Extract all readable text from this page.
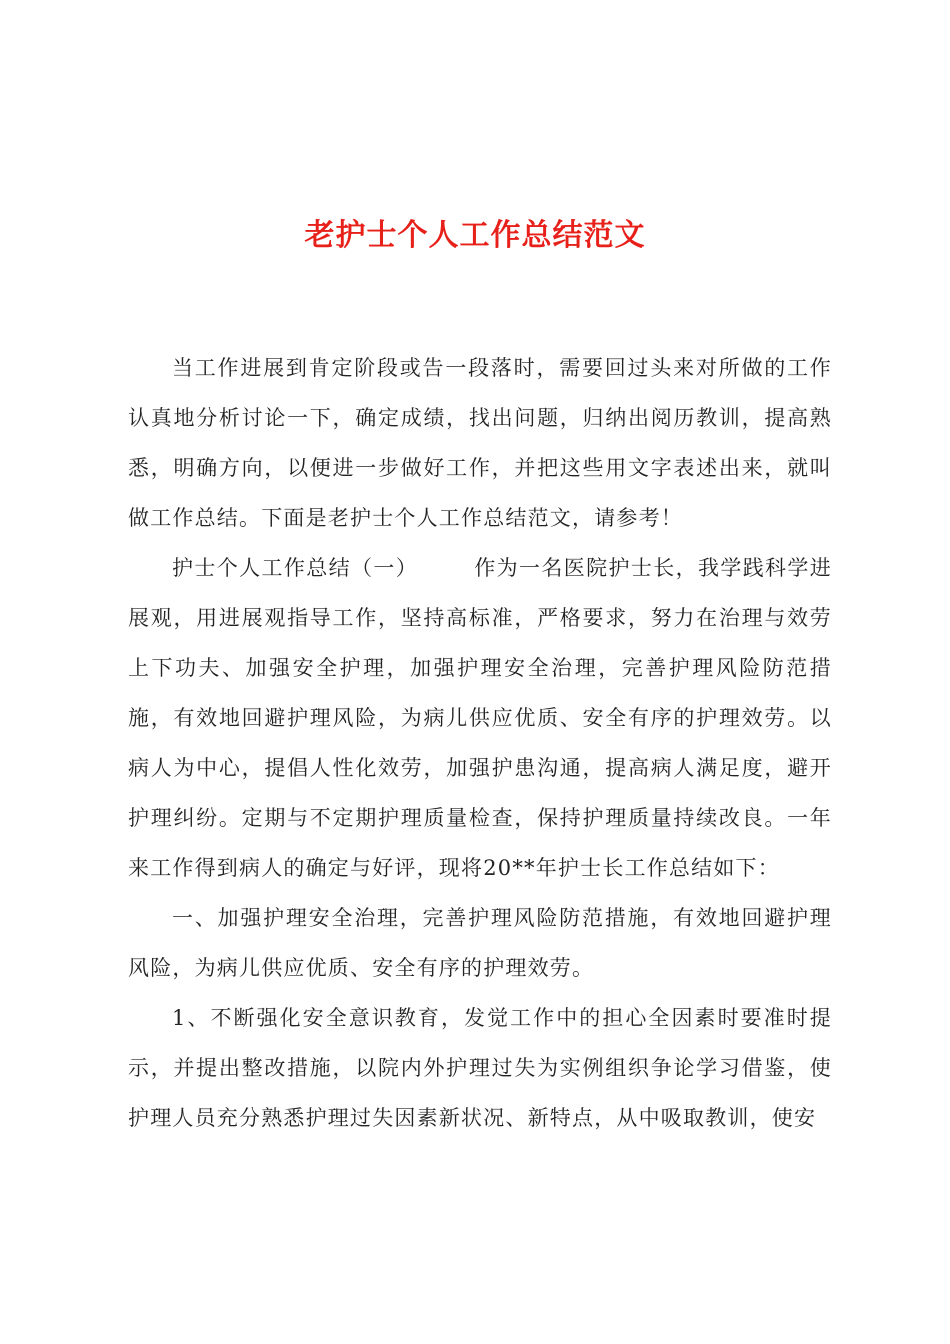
老护士个人工作总结范文

当工作进展到肯定阶段或告一段落时，需要回过头来对所做的工作认真地分析讨论一下，确定成绩，找出问题，归纳出阅历教训，提高熟悉，明确方向，以便进一步做好工作，并把这些用文字表述出来，就叫做工作总结。下面是老护士个人工作总结范文，请参考！

护士个人工作总结（一）	作为一名医院护士长，我学践科学进展观，用进展观指导工作，坚持高标准，严格要求，努力在治理与效劳上下功夫、加强安全护理，加强护理安全治理，完善护理风险防范措施，有效地回避护理风险，为病儿供应优质、安全有序的护理效劳。以病人为中心，提倡人性化效劳，加强护患沟通，提高病人满足度，避开护理纠纷。定期与不定期护理质量检查，保持护理质量持续改良。一年来工作得到病人的确定与好评，现将20**年护士长工作总结如下：

一、加强护理安全治理，完善护理风险防范措施，有效地回避护理风险，为病儿供应优质、安全有序的护理效劳。

1、不断强化安全意识教育，发觉工作中的担心全因素时要准时提示，并提出整改措施，以院内外护理过失为实例组织争论学习借鉴，使护理人员充分熟悉护理过失因素新状况、新特点，从中吸取教训，使安
